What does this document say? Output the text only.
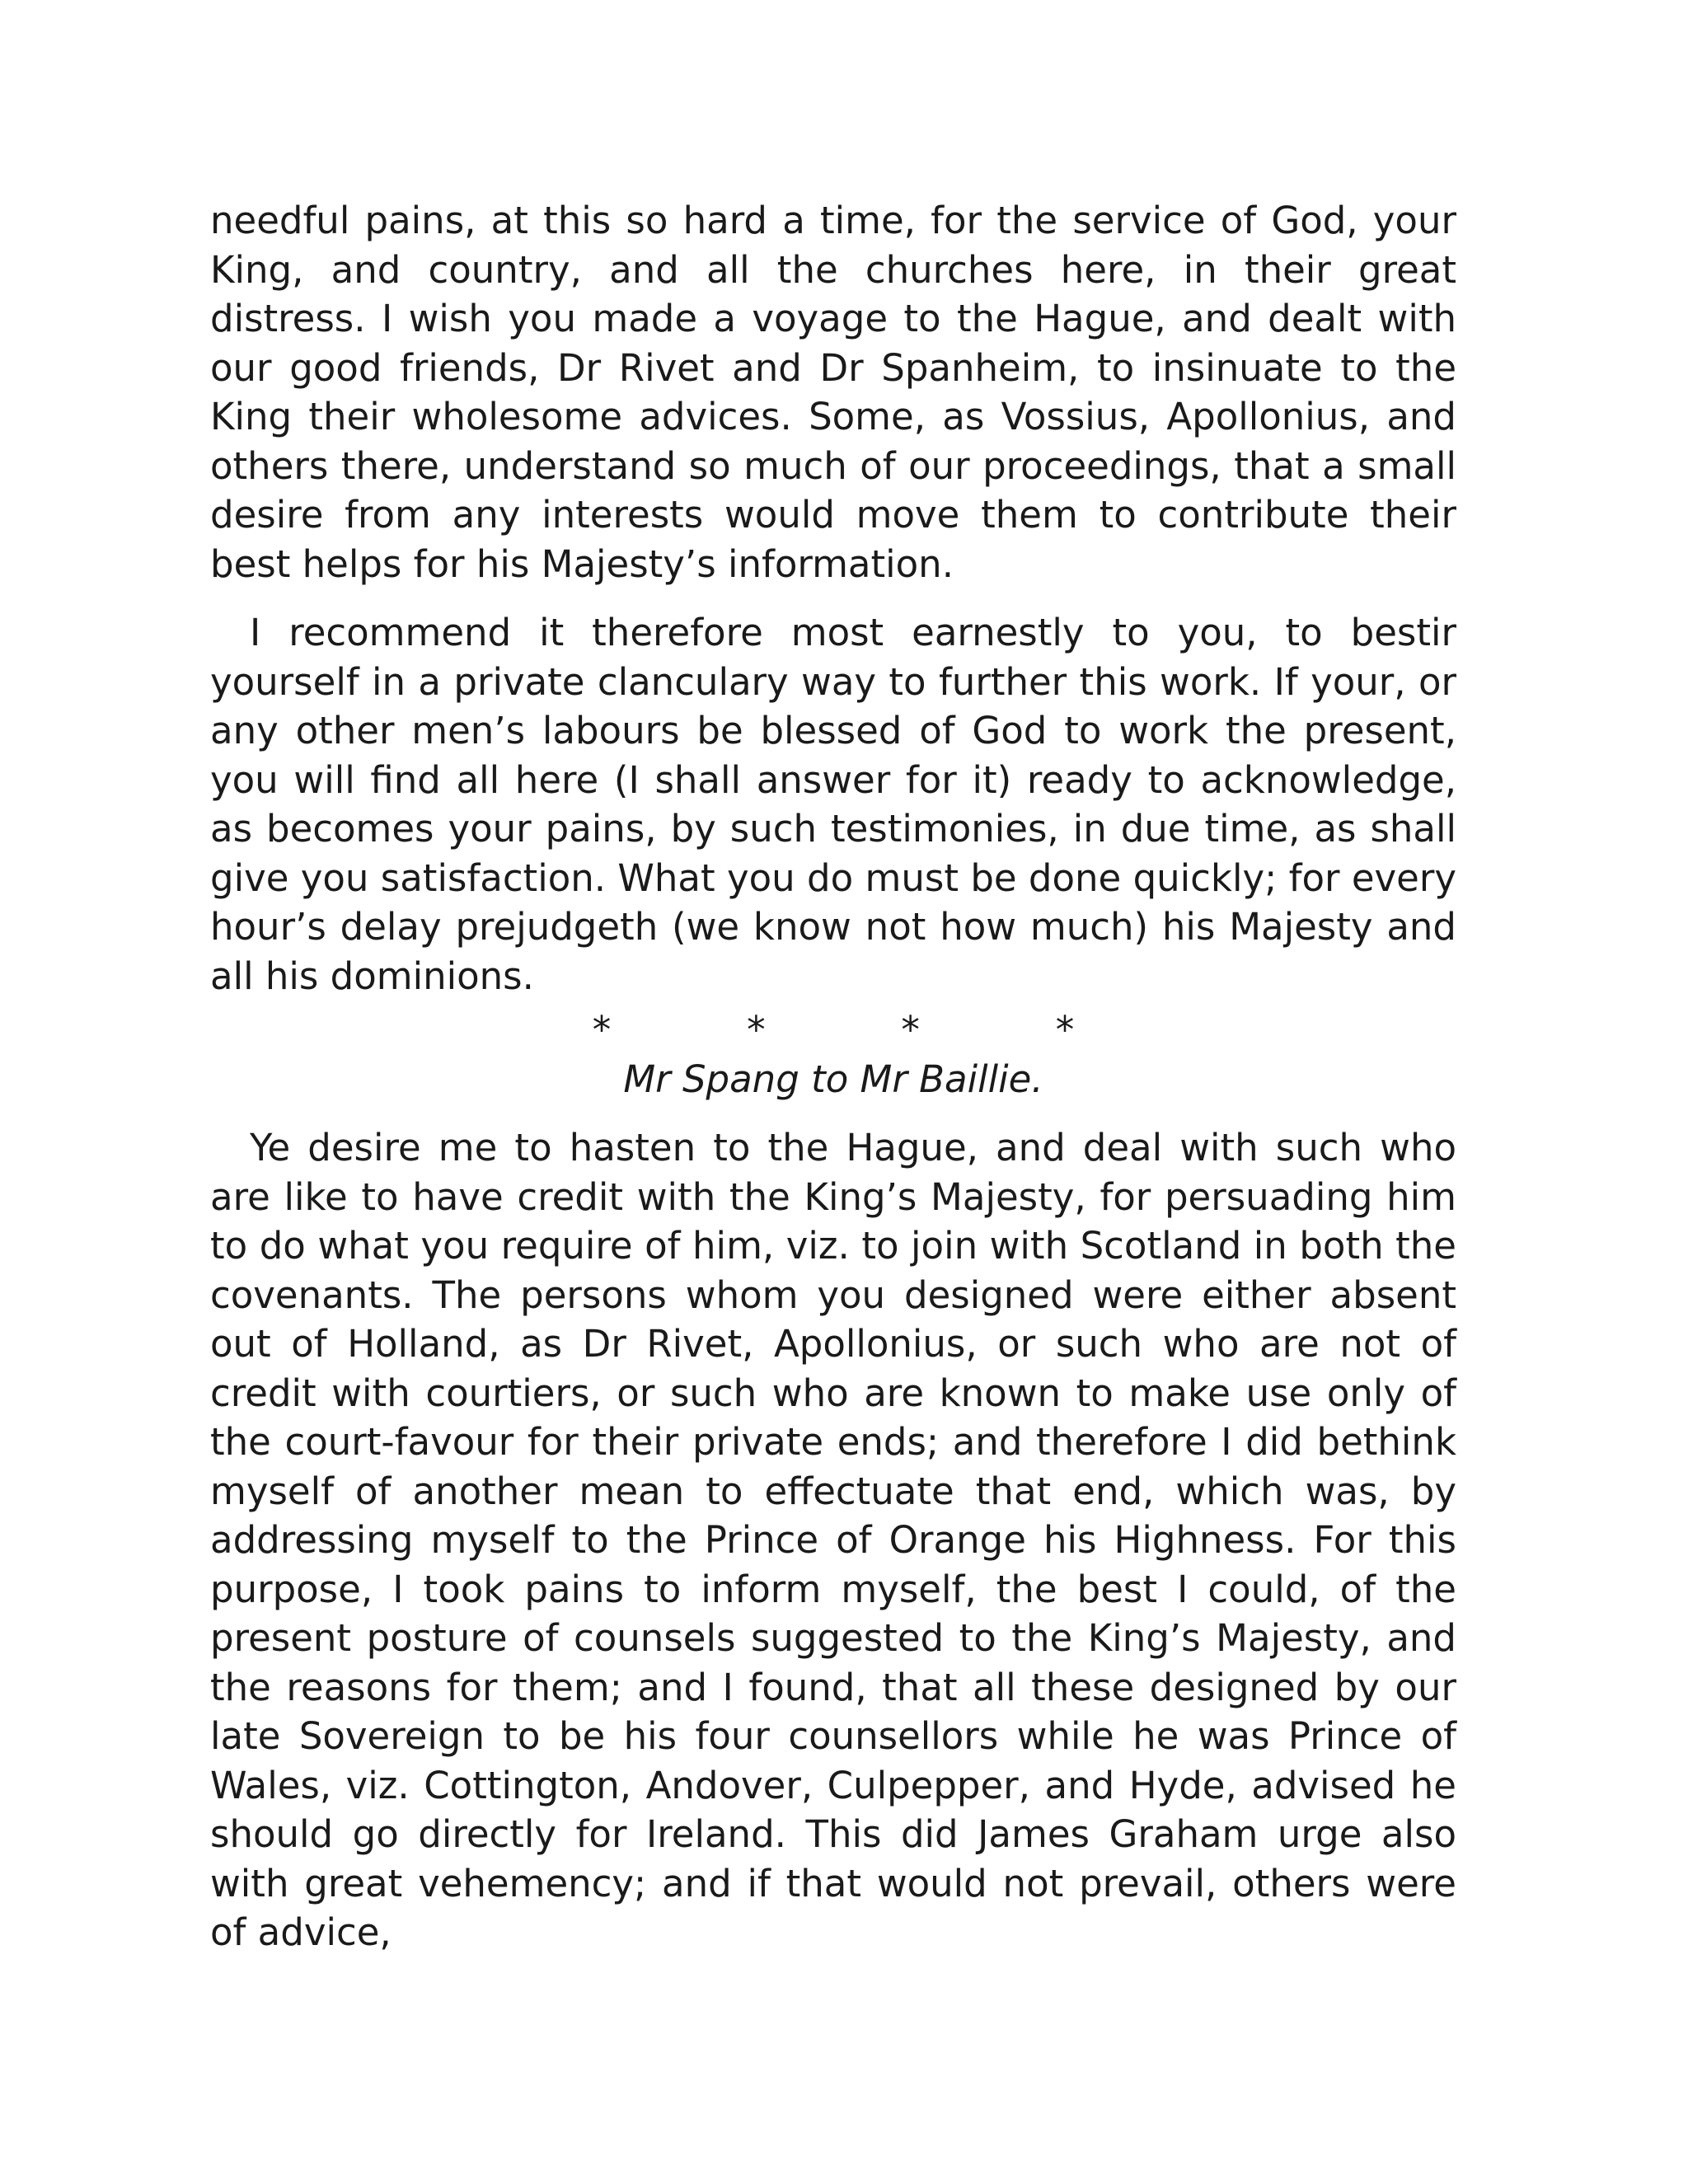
needful pains, at this so hard a time, for the service of God, your King, and country, and all the churches here, in their great distress. I wish you made a voyage to the Hague, and dealt with our good friends, Dr Rivet and Dr Spanheim, to insinuate to the King their wholesome advices. Some, as Vossius, Apollonius, and others there, understand so much of our proceedings, that a small desire from any interests would move them to contribute their best helps for his Majesty’s information.

I recommend it therefore most earnestly to you, to bestir yourself in a private clanculary way to further this work. If your, or any other men’s labours be blessed of God to work the present, you will find all here (I shall answer for it) ready to acknowledge, as becomes your pains, by such testimonies, in due time, as shall give you satisfaction. What you do must be done quickly; for every hour’s delay prejudgeth (we know not how much) his Majesty and all his dominions.

*	*	*	*

Mr Spang to Mr Baillie.

Ye desire me to hasten to the Hague, and deal with such who are like to have credit with the King’s Majesty, for persuading him to do what you require of him, viz. to join with Scotland in both the covenants. The persons whom you designed were either absent out of Holland, as Dr Rivet, Apollonius, or such who are not of credit with courtiers, or such who are known to make use only of the court-favour for their private ends; and therefore I did bethink myself of another mean to effectuate that end, which was, by addressing myself to the Prince of Orange his Highness. For this purpose, I took pains to inform myself, the best I could, of the present posture of counsels suggested to the King’s Majesty, and the reasons for them; and I found, that all these designed by our late Sovereign to be his four counsellors while he was Prince of Wales, viz. Cottington, Andover, Culpepper, and Hyde, advised he should go directly for Ireland. This did James Graham urge also with great vehemency; and if that would not prevail, others were of advice,
